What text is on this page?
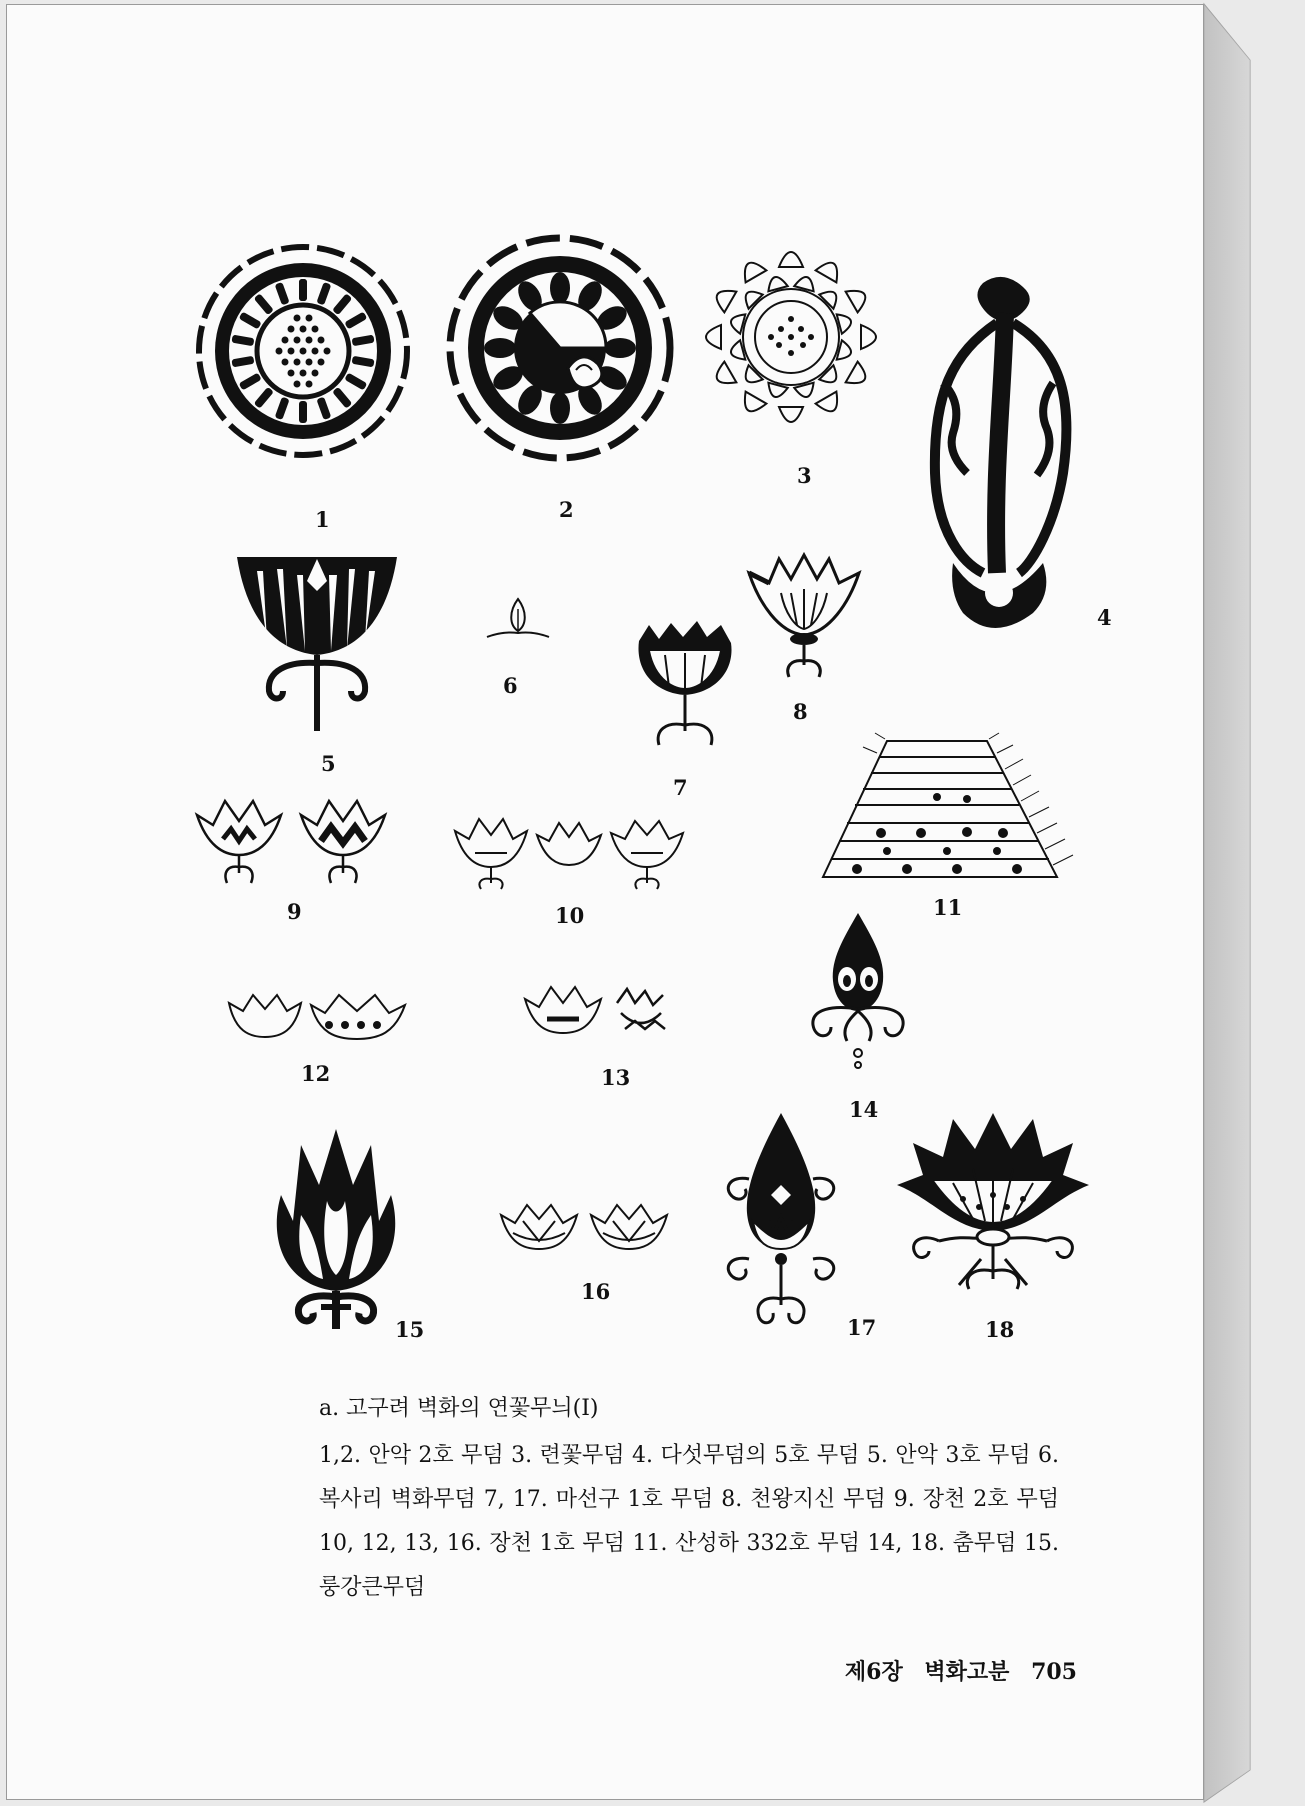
1	2
3
4
5
6
7
8
9	10	11
12	13
14
15
16
17	18
a. 고구려 벽화의 연꽃무늬(Ⅰ)
1,2. 안악 2호 무덤 3. 련꽃무덤 4. 다섯무덤의 5호 무덤 5. 안악 3호 무덤 6. 복사리 벽화무덤 7, 17. 마선구 1호 무덤 8. 천왕지신 무덤 9. 장천 2호 무덤 10, 12, 13, 16. 장천 1호 무덤 11. 산성하 332호 무덤 14, 18. 춤무덤 15. 룽강큰무덤
제6장 벽화고분 705
